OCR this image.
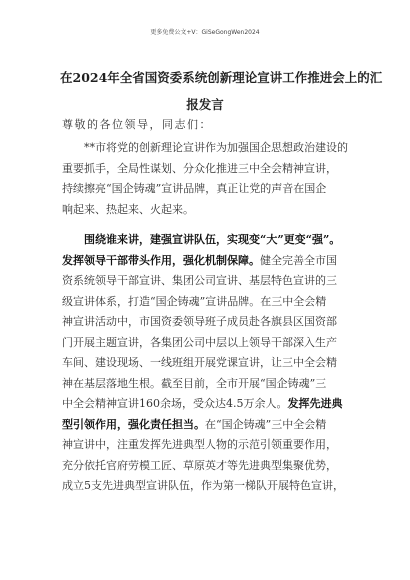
更多免费公文+V：GiSeGongWen2024
在2024年全省国资委系统创新理论宣讲工作推进会上的汇
报发言
尊敬的各位领导，同志们：
　　**市将党的创新理论宣讲作为加强国企思想政治建设的
重要抓手，全局性谋划、分众化推进三中全会精神宣讲，
持续擦亮“国企铸魂”宣讲品牌，真正让党的声音在国企
响起来、热起来、火起来。
　　围绕谁来讲，建强宣讲队伍，实现变“大”更变“强”。
发挥领导干部带头作用，强化机制保障。健全完善全市国
资系统领导干部宣讲、集团公司宣讲、基层特色宣讲的三
级宣讲体系，打造“国企铸魂”宣讲品牌。在三中全会精
神宣讲活动中，市国资委领导班子成员赴各旗县区国资部
门开展主题宣讲，各集团公司中层以上领导干部深入生产
车间、建设现场、一线班组开展党课宣讲，让三中全会精
神在基层落地生根。截至目前，全市开展“国企铸魂”三
中全会精神宣讲160余场，受众达4.5万余人。发挥先进典
型引领作用，强化责任担当。在“国企铸魂”三中全会精
神宣讲中，注重发挥先进典型人物的示范引领重要作用，
充分依托官府劳模工匠、草原英才等先进典型集聚优势，
成立5支先进典型宣讲队伍，作为第一梯队开展特色宣讲，
